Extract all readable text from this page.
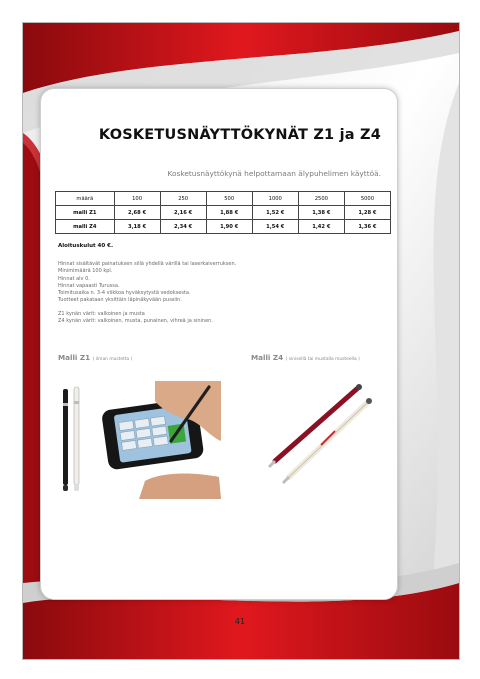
KOSKETUSNÄYTTÖKYNÄT Z1 ja Z4
Kosketusnäyttökynä helpottamaan älypuhelimen käyttöä.
määrä	100	250	500	1000	2500	5000
malli Z1	2,68 €	2,16 €	1,88 €	1,52 €	1,38 €	1,28 €
malli Z4	3,18 €	2,34 €	1,90 €	1,54 €	1,42 €	1,36 €
Aloituskulut 40 €.
Hinnat sisältävät painatuksen sillä yhdellä värillä tai laserkaiverruksen.
Minimimäärä 100 kpl.
Hinnat alv 0.
Hinnat vapaasti Turussa.
Toimitusaika n. 3-4 viikkoa hyväksytystä vedoksesta.
Tuotteet pakataan yksittäin läpinäkyvään pussiin.
Z1 kynän värit: valkoinen ja musta
Z4 kynän värit: valkoinen, musta, punainen, vihreä ja sininen.
Malli Z1 ( ilman mustetta )	Malli Z4 ( sinisellä tai mustalla musteella )
41
